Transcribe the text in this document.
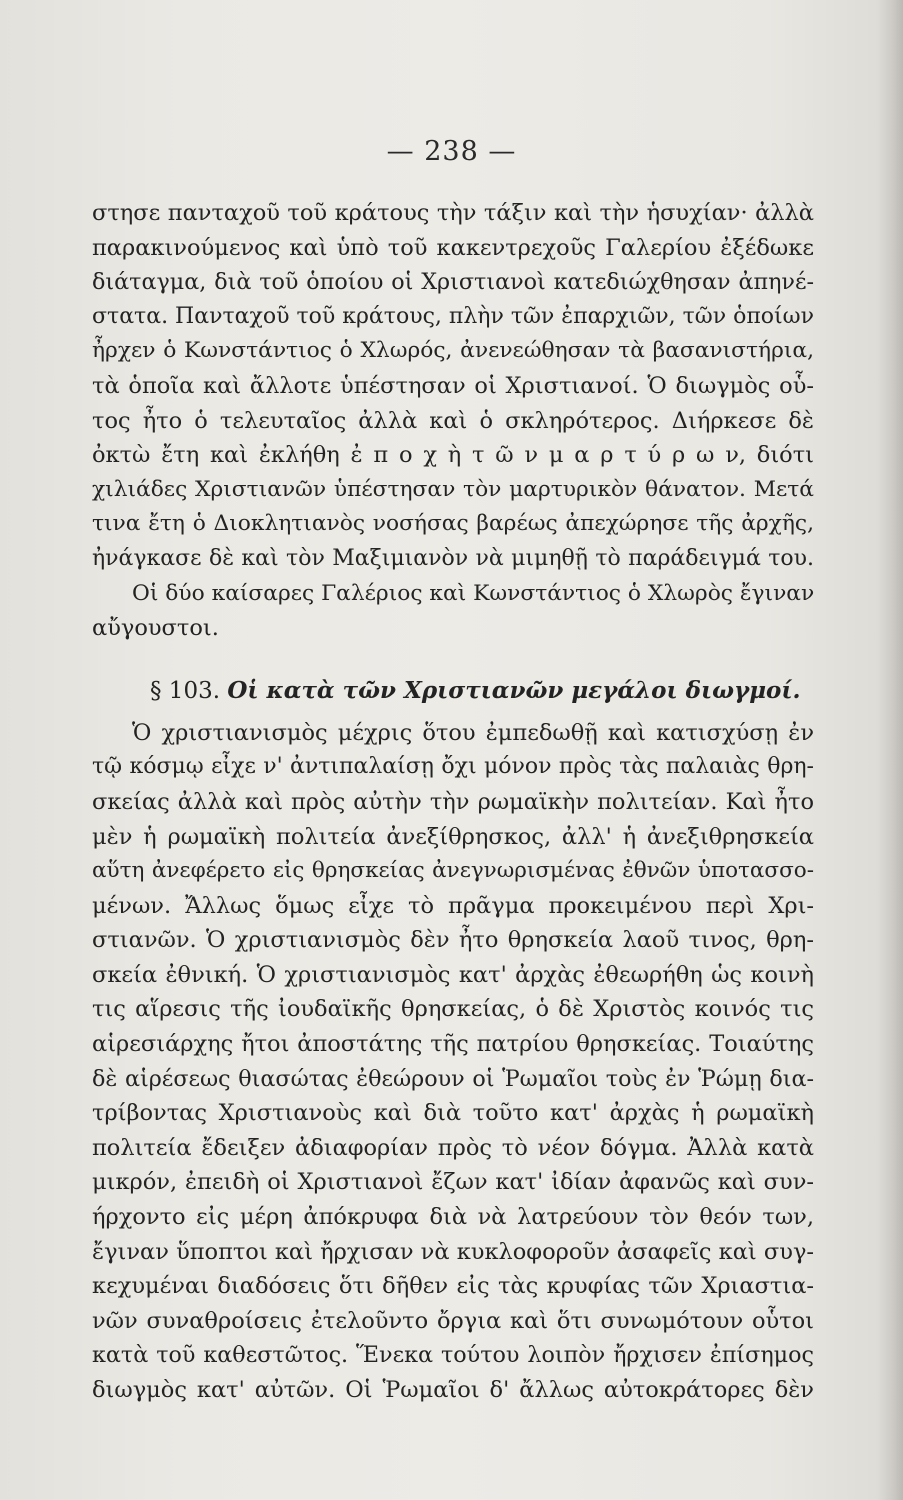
— 238 —
στησε πανταχοῦ τοῦ κράτους τὴν τάξιν καὶ τὴν ἡσυχίαν· ἀλλὰ
παρακινούμενος καὶ ὑπὸ τοῦ κακεντρεχοῦς Γαλερίου ἐξέδωκε
διάταγμα, διὰ τοῦ ὁποίου οἱ Χριστιανοὶ κατεδιώχθησαν ἀπηνέ-
στατα. Πανταχοῦ τοῦ κράτους, πλὴν τῶν ἐπαρχιῶν, τῶν ὁποίων
ἦρχεν ὁ Κωνστάντιος ὁ Χλωρός, ἀνενεώθησαν τὰ βασανιστήρια,
τὰ ὁποῖα καὶ ἄλλοτε ὑπέστησαν οἱ Χριστιανοί. Ὁ διωγμὸς οὗ-
τος ἦτο ὁ τελευταῖος ἀλλὰ καὶ ὁ σκληρότερος. Διήρκεσε δὲ
ὀκτὼ ἔτη καὶ ἐκλήθη ἐ π ο χ ὴ τ ῶ ν μ α ρ τ ύ ρ ω ν, διότι
χιλιάδες Χριστιανῶν ὑπέστησαν τὸν μαρτυρικὸν θάνατον. Μετά
τινα ἔτη ὁ Διοκλητιανὸς νοσήσας βαρέως ἀπεχώρησε τῆς ἀρχῆς,
ἠνάγκασε δὲ καὶ τὸν Μαξιμιανὸν νὰ μιμηθῇ τὸ παράδειγμά του.
Οἱ δύο καίσαρες Γαλέριος καὶ Κωνστάντιος ὁ Χλωρὸς ἔγιναν
αὔγουστοι.
§ 103. Οἱ κατὰ τῶν Χριστιανῶν μεγάλοι διωγμοί.
Ὁ χριστιανισμὸς μέχρις ὅτου ἐμπεδωθῇ καὶ κατισχύσῃ ἐν
τῷ κόσμῳ εἶχε ν' ἀντιπαλαίσῃ ὄχι μόνον πρὸς τὰς παλαιὰς θρη-
σκείας ἀλλὰ καὶ πρὸς αὐτὴν τὴν ρωμαϊκὴν πολιτείαν. Καὶ ἦτο
μὲν ἡ ρωμαϊκὴ πολιτεία ἀνεξίθρησκος, ἀλλ' ἡ ἀνεξιθρησκεία
αὕτη ἀνεφέρετο εἰς θρησκείας ἀνεγνωρισμένας ἐθνῶν ὑποτασσο-
μένων. Ἄλλως ὅμως εἶχε τὸ πρᾶγμα προκειμένου περὶ Χρι-
στιανῶν. Ὁ χριστιανισμὸς δὲν ἦτο θρησκεία λαοῦ τινος, θρη-
σκεία ἐθνική. Ὁ χριστιανισμὸς κατ' ἀρχὰς ἐθεωρήθη ὡς κοινὴ
τις αἵρεσις τῆς ἰουδαϊκῆς θρησκείας, ὁ δὲ Χριστὸς κοινός τις
αἱρεσιάρχης ἤτοι ἀποστάτης τῆς πατρίου θρησκείας. Τοιαύτης
δὲ αἱρέσεως θιασώτας ἐθεώρουν οἱ Ῥωμαῖοι τοὺς ἐν Ῥώμῃ δια-
τρίβοντας Χριστιανοὺς καὶ διὰ τοῦτο κατ' ἀρχὰς ἡ ρωμαϊκὴ
πολιτεία ἔδειξεν ἀδιαφορίαν πρὸς τὸ νέον δόγμα. Ἀλλὰ κατὰ
μικρόν, ἐπειδὴ οἱ Χριστιανοὶ ἔζων κατ' ἰδίαν ἀφανῶς καὶ συν-
ήρχοντο εἰς μέρη ἀπόκρυφα διὰ νὰ λατρεύουν τὸν θεόν των,
ἔγιναν ὕποπτοι καὶ ἤρχισαν νὰ κυκλοφοροῦν ἀσαφεῖς καὶ συγ-
κεχυμέναι διαδόσεις ὅτι δῆθεν εἰς τὰς κρυφίας τῶν Χριαστια-
νῶν συναθροίσεις ἐτελοῦντο ὄργια καὶ ὅτι συνωμότουν οὗτοι
κατὰ τοῦ καθεστῶτος. Ἕνεκα τούτου λοιπὸν ἤρχισεν ἐπίσημος
διωγμὸς κατ' αὐτῶν. Οἱ Ῥωμαῖοι δ' ἄλλως αὐτοκράτορες δὲν
